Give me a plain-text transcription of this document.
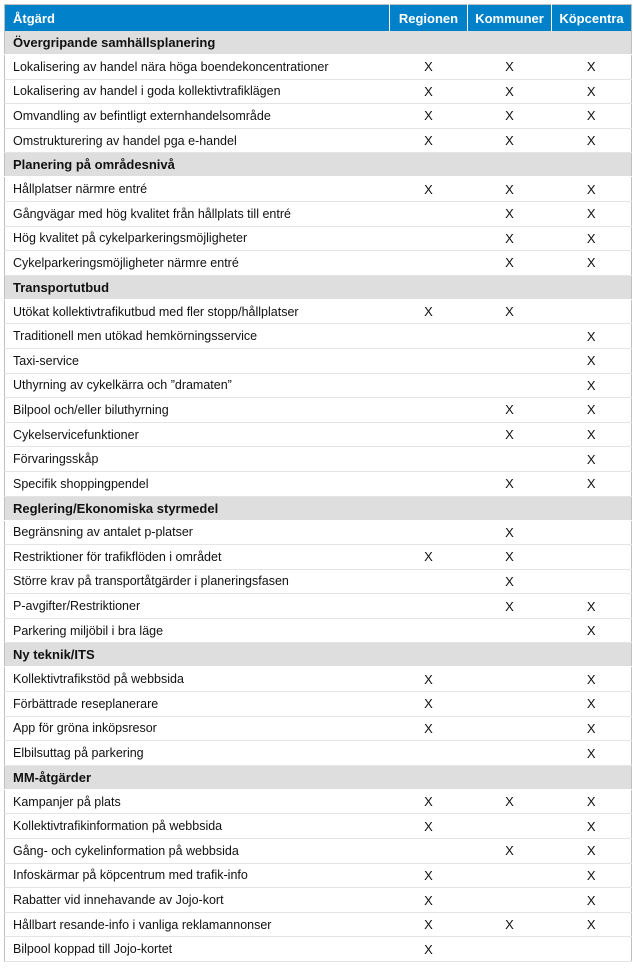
Åtgärd	Regionen	Kommuner	Köpcentra
Övergripande samhällsplanering			
Lokalisering av handel nära höga boendekoncentrationer	X	X	X
Lokalisering av handel i goda kollektivtrafiklägen	X	X	X
Omvandling av befintligt externhandelsområde	X	X	X
Omstrukturering av handel pga e-handel	X	X	X
Planering på områdesnivå			
Hållplatser närmre entré	X	X	X
Gångvägar med hög kvalitet från hållplats till entré		X	X
Hög kvalitet på cykelparkeringsmöjligheter		X	X
Cykelparkeringsmöjligheter närmre entré		X	X
Transportutbud			
Utökat kollektivtrafikutbud med fler stopp/hållplatser	X	X	
Traditionell men utökad hemkörningsservice			X
Taxi-service			X
Uthyrning av cykelkärra och ”dramaten”			X
Bilpool och/eller biluthyrning		X	X
Cykelservicefunktioner		X	X
Förvaringsskåp			X
Specifik shoppingpendel		X	X
Reglering/Ekonomiska styrmedel			
Begränsning av antalet p-platser		X	
Restriktioner för trafikflöden i området	X	X	
Större krav på transportåtgärder i planeringsfasen		X	
P-avgifter/Restriktioner		X	X
Parkering miljöbil i bra läge			X
Ny teknik/ITS			
Kollektivtrafikstöd på webbsida	X		X
Förbättrade reseplanerare	X		X
App för gröna inköpsresor	X		X
Elbilsuttag på parkering			X
MM-åtgärder			
Kampanjer på plats	X	X	X
Kollektivtrafikinformation på webbsida	X		X
Gång- och cykelinformation på webbsida		X	X
Infoskärmar på köpcentrum med trafik-info	X		X
Rabatter vid innehavande av Jojo-kort	X		X
Hållbart resande-info i vanliga reklamannonser	X	X	X
Bilpool koppad till Jojo-kortet	X		
